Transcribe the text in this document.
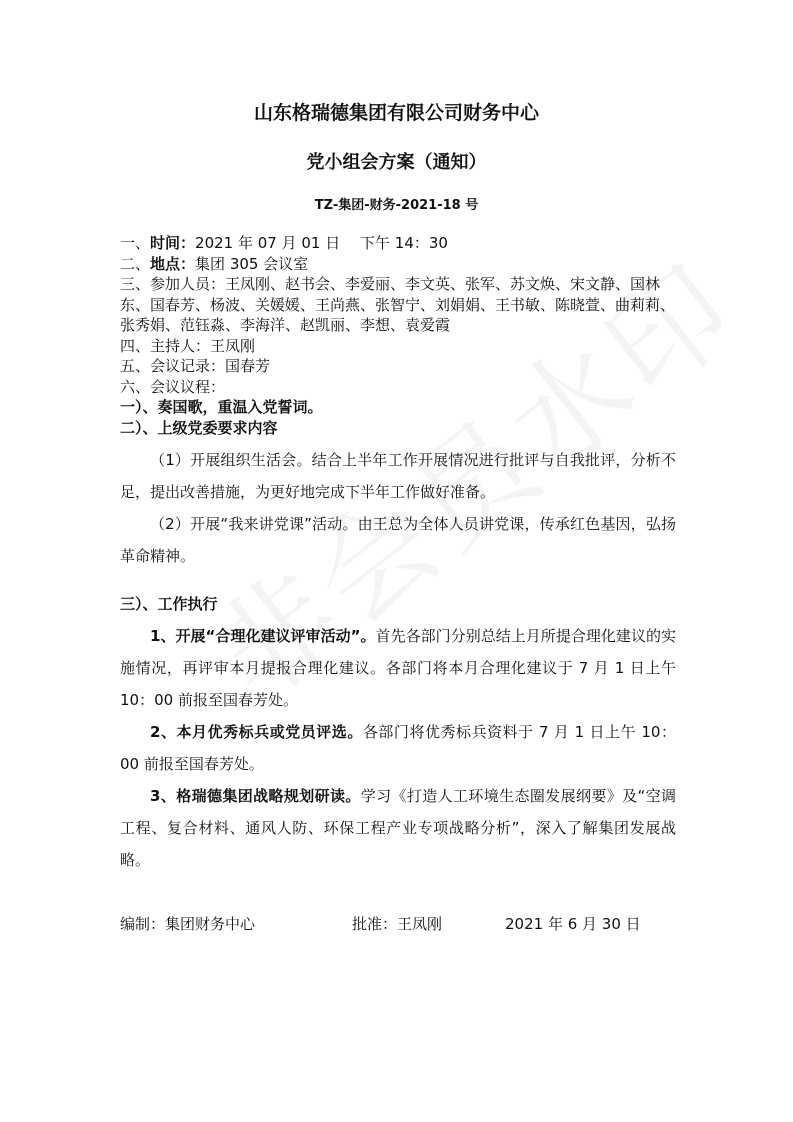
山东格瑞德集团有限公司财务中心
党小组会方案（通知）
TZ-集团-财务-2021-18 号

一、时间：2021 年 07 月 01 日　 下午 14：30

二、地点：集团 305 会议室

三、参加人员：王凤刚、赵书会、李爱丽、李文英、张军、苏文焕、宋文静、国林东、国春芳、杨波、关媛媛、王尚燕、张智宁、刘娟娟、王书敏、陈晓萱、曲莉莉、张秀娟、范钰淼、李海洋、赵凯丽、李想、袁爱霞

四、主持人：王凤刚

五、会议记录：国春芳

六、会议议程：

一）、奏国歌，重温入党誓词。

二）、上级党委要求内容

（1）开展组织生活会。结合上半年工作开展情况进行批评与自我批评，分析不足，提出改善措施，为更好地完成下半年工作做好准备。

（2）开展“我来讲党课”活动。由王总为全体人员讲党课，传承红色基因，弘扬革命精神。

三）、工作执行

1、开展“合理化建议评审活动”。首先各部门分别总结上月所提合理化建议的实施情况，再评审本月提报合理化建议。各部门将本月合理化建议于 7 月 1 日上午 10：00 前报至国春芳处。

2、本月优秀标兵或党员评选。各部门将优秀标兵资料于 7 月 1 日上午 10：00 前报至国春芳处。

3、格瑞德集团战略规划研读。学习《打造人工环境生态圈发展纲要》及“空调工程、复合材料、通风人防、环保工程产业专项战略分析”，深入了解集团发展战略。

编制：集团财务中心	批准：王凤刚	2021 年 6 月 30 日
